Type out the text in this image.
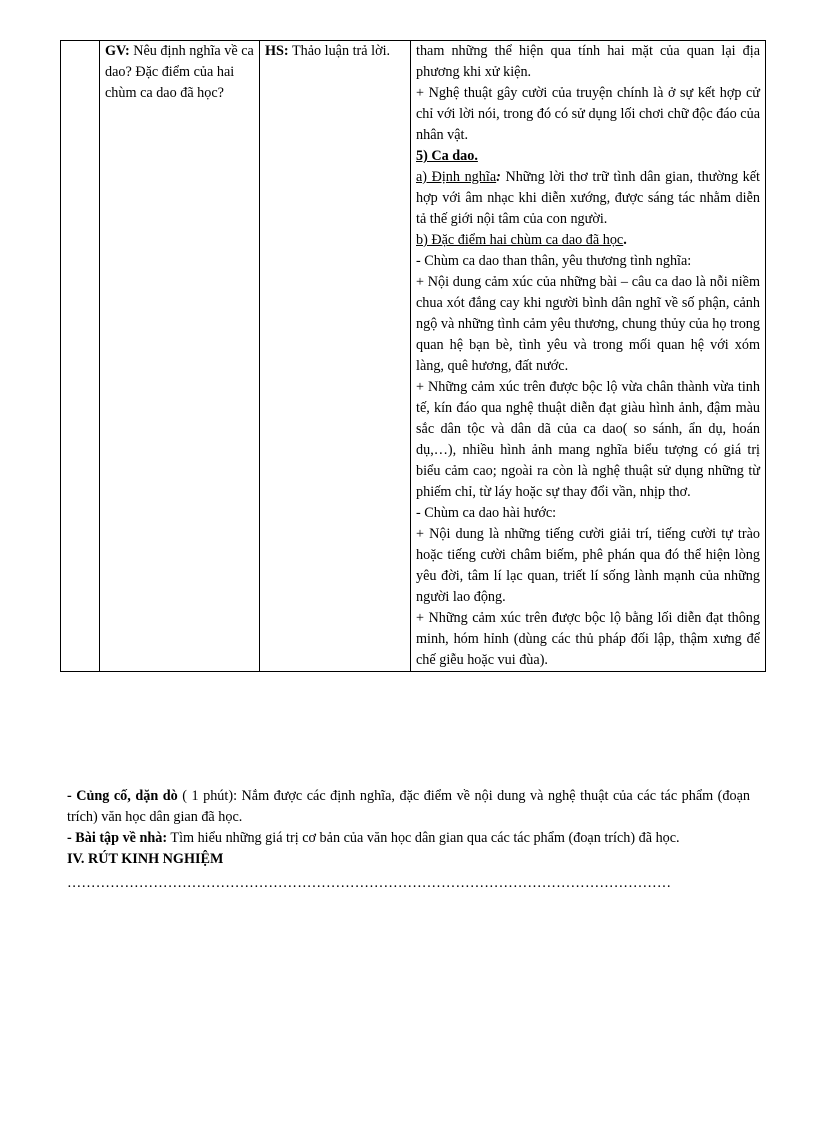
	GV: Nêu định nghĩa về ca dao? Đặc điểm của hai chùm ca dao đã học?	HS: Thảo luận trả lời.	tham những thể hiện qua tính hai mặt của quan lại địa phương khi xử kiện.

+ Nghệ thuật gây cười của truyện chính là ở sự kết hợp cử chỉ với lời nói, trong đó có sử dụng lối chơi chữ độc đáo của nhân vật.

5) Ca dao.

a) Định nghĩa: Những lời thơ trữ tình dân gian, thường kết hợp với âm nhạc khi diễn xướng, được sáng tác nhằm diễn tả thế giới nội tâm của con người.

b) Đặc điểm hai chùm ca dao đã học.

- Chùm ca dao than thân, yêu thương tình nghĩa:

+ Nội dung cảm xúc của những bài – câu ca dao là nỗi niềm chua xót đắng cay khi người bình dân nghĩ về số phận, cảnh ngộ và những tình cảm yêu thương, chung thủy của họ trong quan hệ bạn bè, tình yêu và trong mối quan hệ với xóm làng, quê hương, đất nước.

+ Những cảm xúc trên được bộc lộ vừa chân thành vừa tinh tế, kín đáo qua nghệ thuật diễn đạt giàu hình ảnh, đậm màu sắc dân tộc và dân dã của ca dao( so sánh, ẩn dụ, hoán dụ,…), nhiều hình ảnh mang nghĩa biểu tượng có giá trị biểu cảm cao; ngoài ra còn là nghệ thuật sử dụng những từ phiếm chỉ, từ láy hoặc sự thay đổi vần, nhịp thơ.

- Chùm ca dao hài hước:

+ Nội dung là những tiếng cười giải trí, tiếng cười tự trào hoặc tiếng cười châm biếm, phê phán qua đó thể hiện lòng yêu đời, tâm lí lạc quan, triết lí sống lành mạnh của những người lao động.

+ Những cảm xúc trên được bộc lộ bằng lối diễn đạt thông minh, hóm hỉnh (dùng các thủ pháp đối lập, thậm xưng để chế giễu hoặc vui đùa).

- Củng cố, dặn dò ( 1 phút): Nắm được các định nghĩa, đặc điểm về nội dung và nghệ thuật của các tác phẩm (đoạn trích) văn học dân gian đã học.

- Bài tập về nhà: Tìm hiểu những giá trị cơ bản của văn học dân gian qua các tác phẩm (đoạn trích) đã học.

IV. RÚT KINH NGHIỆM

………………………………………………………………………………………………………………
